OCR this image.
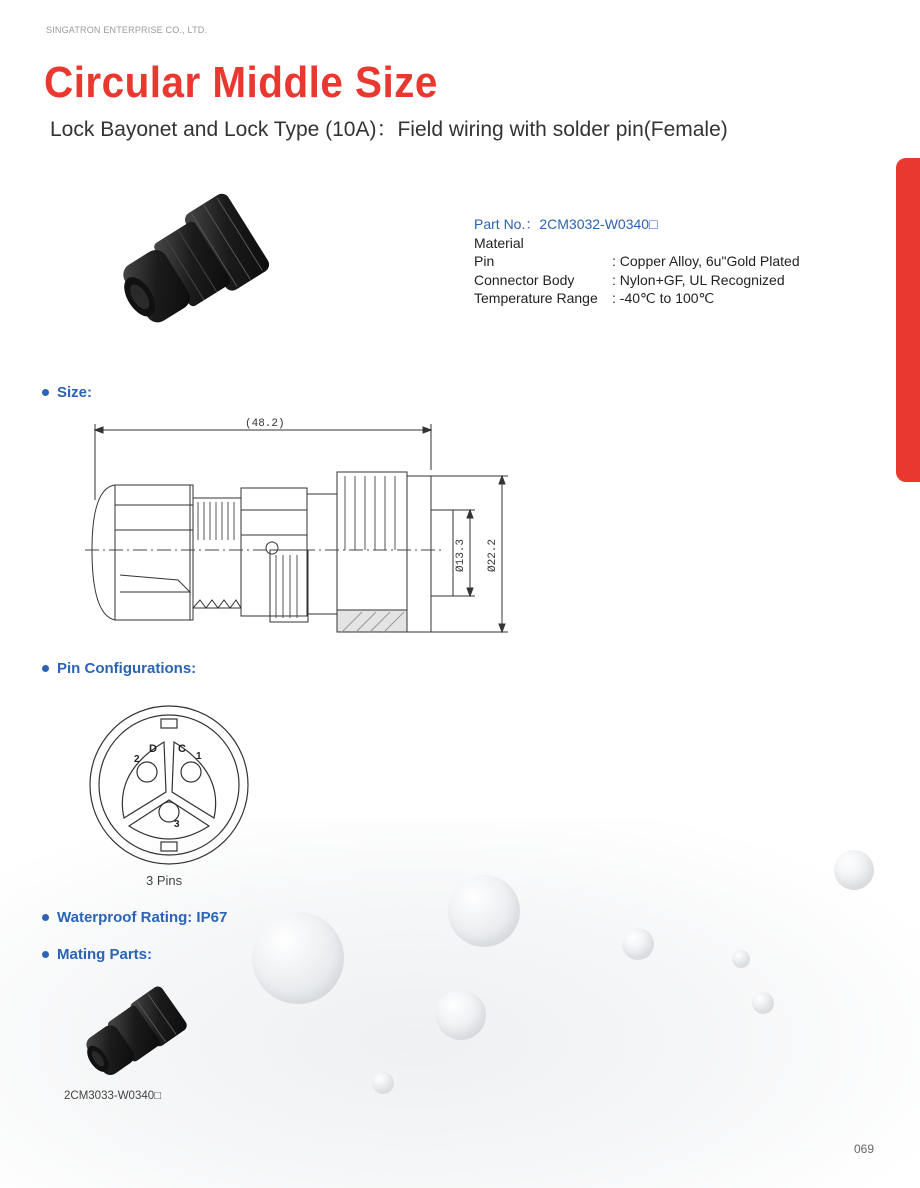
SINGATRON ENTERPRISE CO., LTD.
Circular Middle Size
Lock Bayonet and Lock Type (10A)：Field wiring with solder pin(Female)
Part No.：2CM3032-W0340□
Material
Pin	: Copper Alloy, 6u"Gold Plated
Connector Body	: Nylon+GF, UL Recognized
Temperature Range	: -40℃ to 100℃
Size:
(48.2)
Ø13.3 Ø22.2
Pin Configurations:
D C
2	1
3
3 Pins
Waterproof Rating: IP67
Mating Parts:
2CM3033-W0340□
069
